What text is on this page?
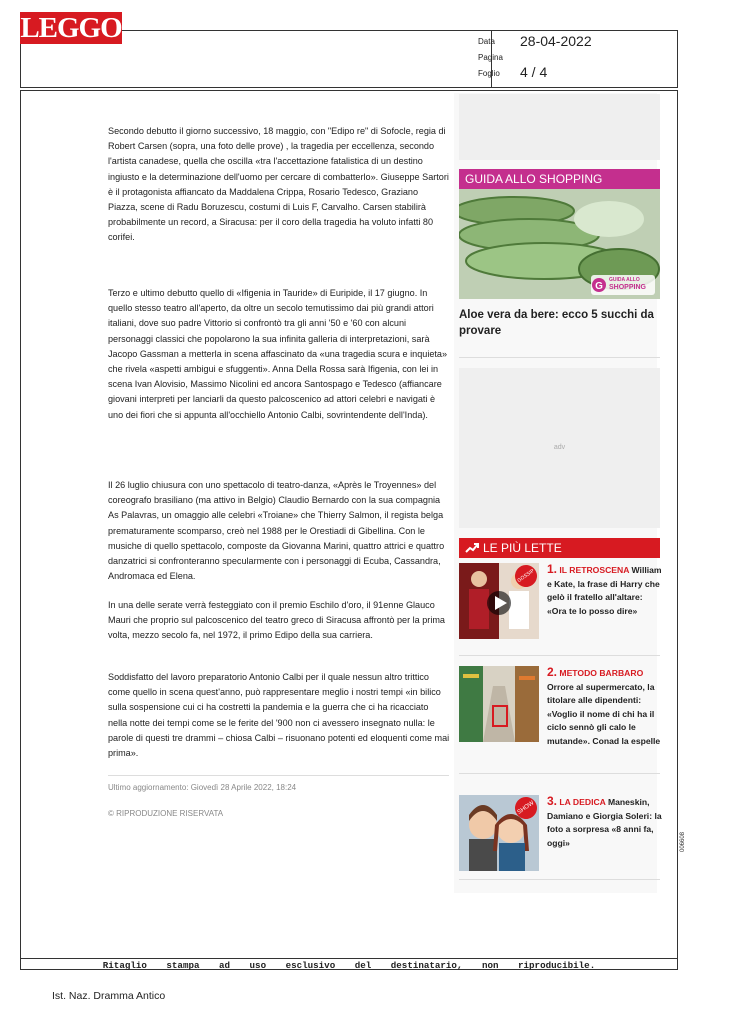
LEGGO	Data 28-04-2022
Pagina
Foglio 4 / 4

Secondo debutto il giorno successivo, 18 maggio, con "Edipo re" di Sofocle, regia di Robert Carsen (sopra, una foto delle prove) , la tragedia per eccellenza, secondo l'artista canadese, quella che oscilla «tra l'accettazione fatalistica di un destino ingiusto e la determinazione dell'uomo per cercare di combatterlo». Giuseppe Sartori è il protagonista affiancato da Maddalena Crippa, Rosario Tedesco, Graziano Piazza, scene di Radu Boruzescu, costumi di Luis F, Carvalho. Carsen stabilirà probabilmente un record, a Siracusa: per il coro della tragedia ha voluto infatti 80 corifei.

Terzo e ultimo debutto quello di «Ifigenia in Tauride» di Euripide, il 17 giugno. In quello stesso teatro all'aperto, da oltre un secolo temutissimo dai più grandi attori italiani, dove suo padre Vittorio si confrontò tra gli anni '50 e '60 con alcuni personaggi classici che popolarono la sua infinita galleria di interpretazioni, sarà Jacopo Gassman a metterla in scena affascinato da «una tragedia scura e inquieta» che rivela «aspetti ambigui e sfuggenti». Anna Della Rossa sarà Ifigenia, con lei in scena Ivan Alovisio, Massimo Nicolini ed ancora Santospago e Tedesco (affiancare giovani interpreti per lanciarli da questo palcoscenico ad attori celebri e navigati è uno dei fiori che si appunta all'occhiello Antonio Calbi, sovrintendente dell'Inda).

Il 26 luglio chiusura con uno spettacolo di teatro-danza, «Après le Troyennes» del coreografo brasiliano (ma attivo in Belgio) Claudio Bernardo con la sua compagnia As Palavras, un omaggio alle celebri «Troiane» che Thierry Salmon, il regista belga prematuramente scomparso, creò nel 1988 per le Orestiadi di Gibellina. Con le musiche di quello spettacolo, composte da Giovanna Marini, quattro attrici e quattro danzatrici si confronteranno specularmente con i personaggi di Ecuba, Cassandra, Andromaca ed Elena.

In una delle serate verrà festeggiato con il premio Eschilo d'oro, il 91enne Glauco Mauri che proprio sul palcoscenico del teatro greco di Siracusa affrontò per la prima volta, mezzo secolo fa, nel 1972, il primo Edipo della sua carriera.

Soddisfatto del lavoro preparatorio Antonio Calbi per il quale nessun altro trittico come quello in scena quest'anno, può rappresentare meglio i nostri tempi «in bilico sulla sospensione cui ci ha costretti la pandemia e la guerra che ci ha ricacciato nella notte dei tempi come se le ferite del '900 non ci avessero insegnato nulla: le parole di questi tre drammi – chiosa Calbi – risuonano potenti ed eloquenti come mai prima».

Ultimo aggiornamento: Giovedì 28 Aprile 2022, 18:24
© RIPRODUZIONE RISERVATA
GUIDA ALLO SHOPPING
G
GUIDA ALLO
SHOPPING
Aloe vera da bere: ecco 5 succhi da provare
adv
LE PIÙ LETTE
GOSSIP 1. IL RETROSCENA William e Kate, la frase di Harry che gelò il fratello all'altare: «Ora te lo posso dire»
2. METODO BARBARO
Orrore al supermercato, la titolare alle dipendenti: «Voglio il nome di chi ha il ciclo sennò gli calo le mutande». Conad la espelle
SHOW 3. LA DEDICA Maneskin, Damiano e Giorgia Soleri: la foto a sorpresa «8 anni fa, oggi»	006608
Ritaglio stampa ad uso esclusivo del destinatario, non riproducibile.
Ist. Naz. Dramma Antico
